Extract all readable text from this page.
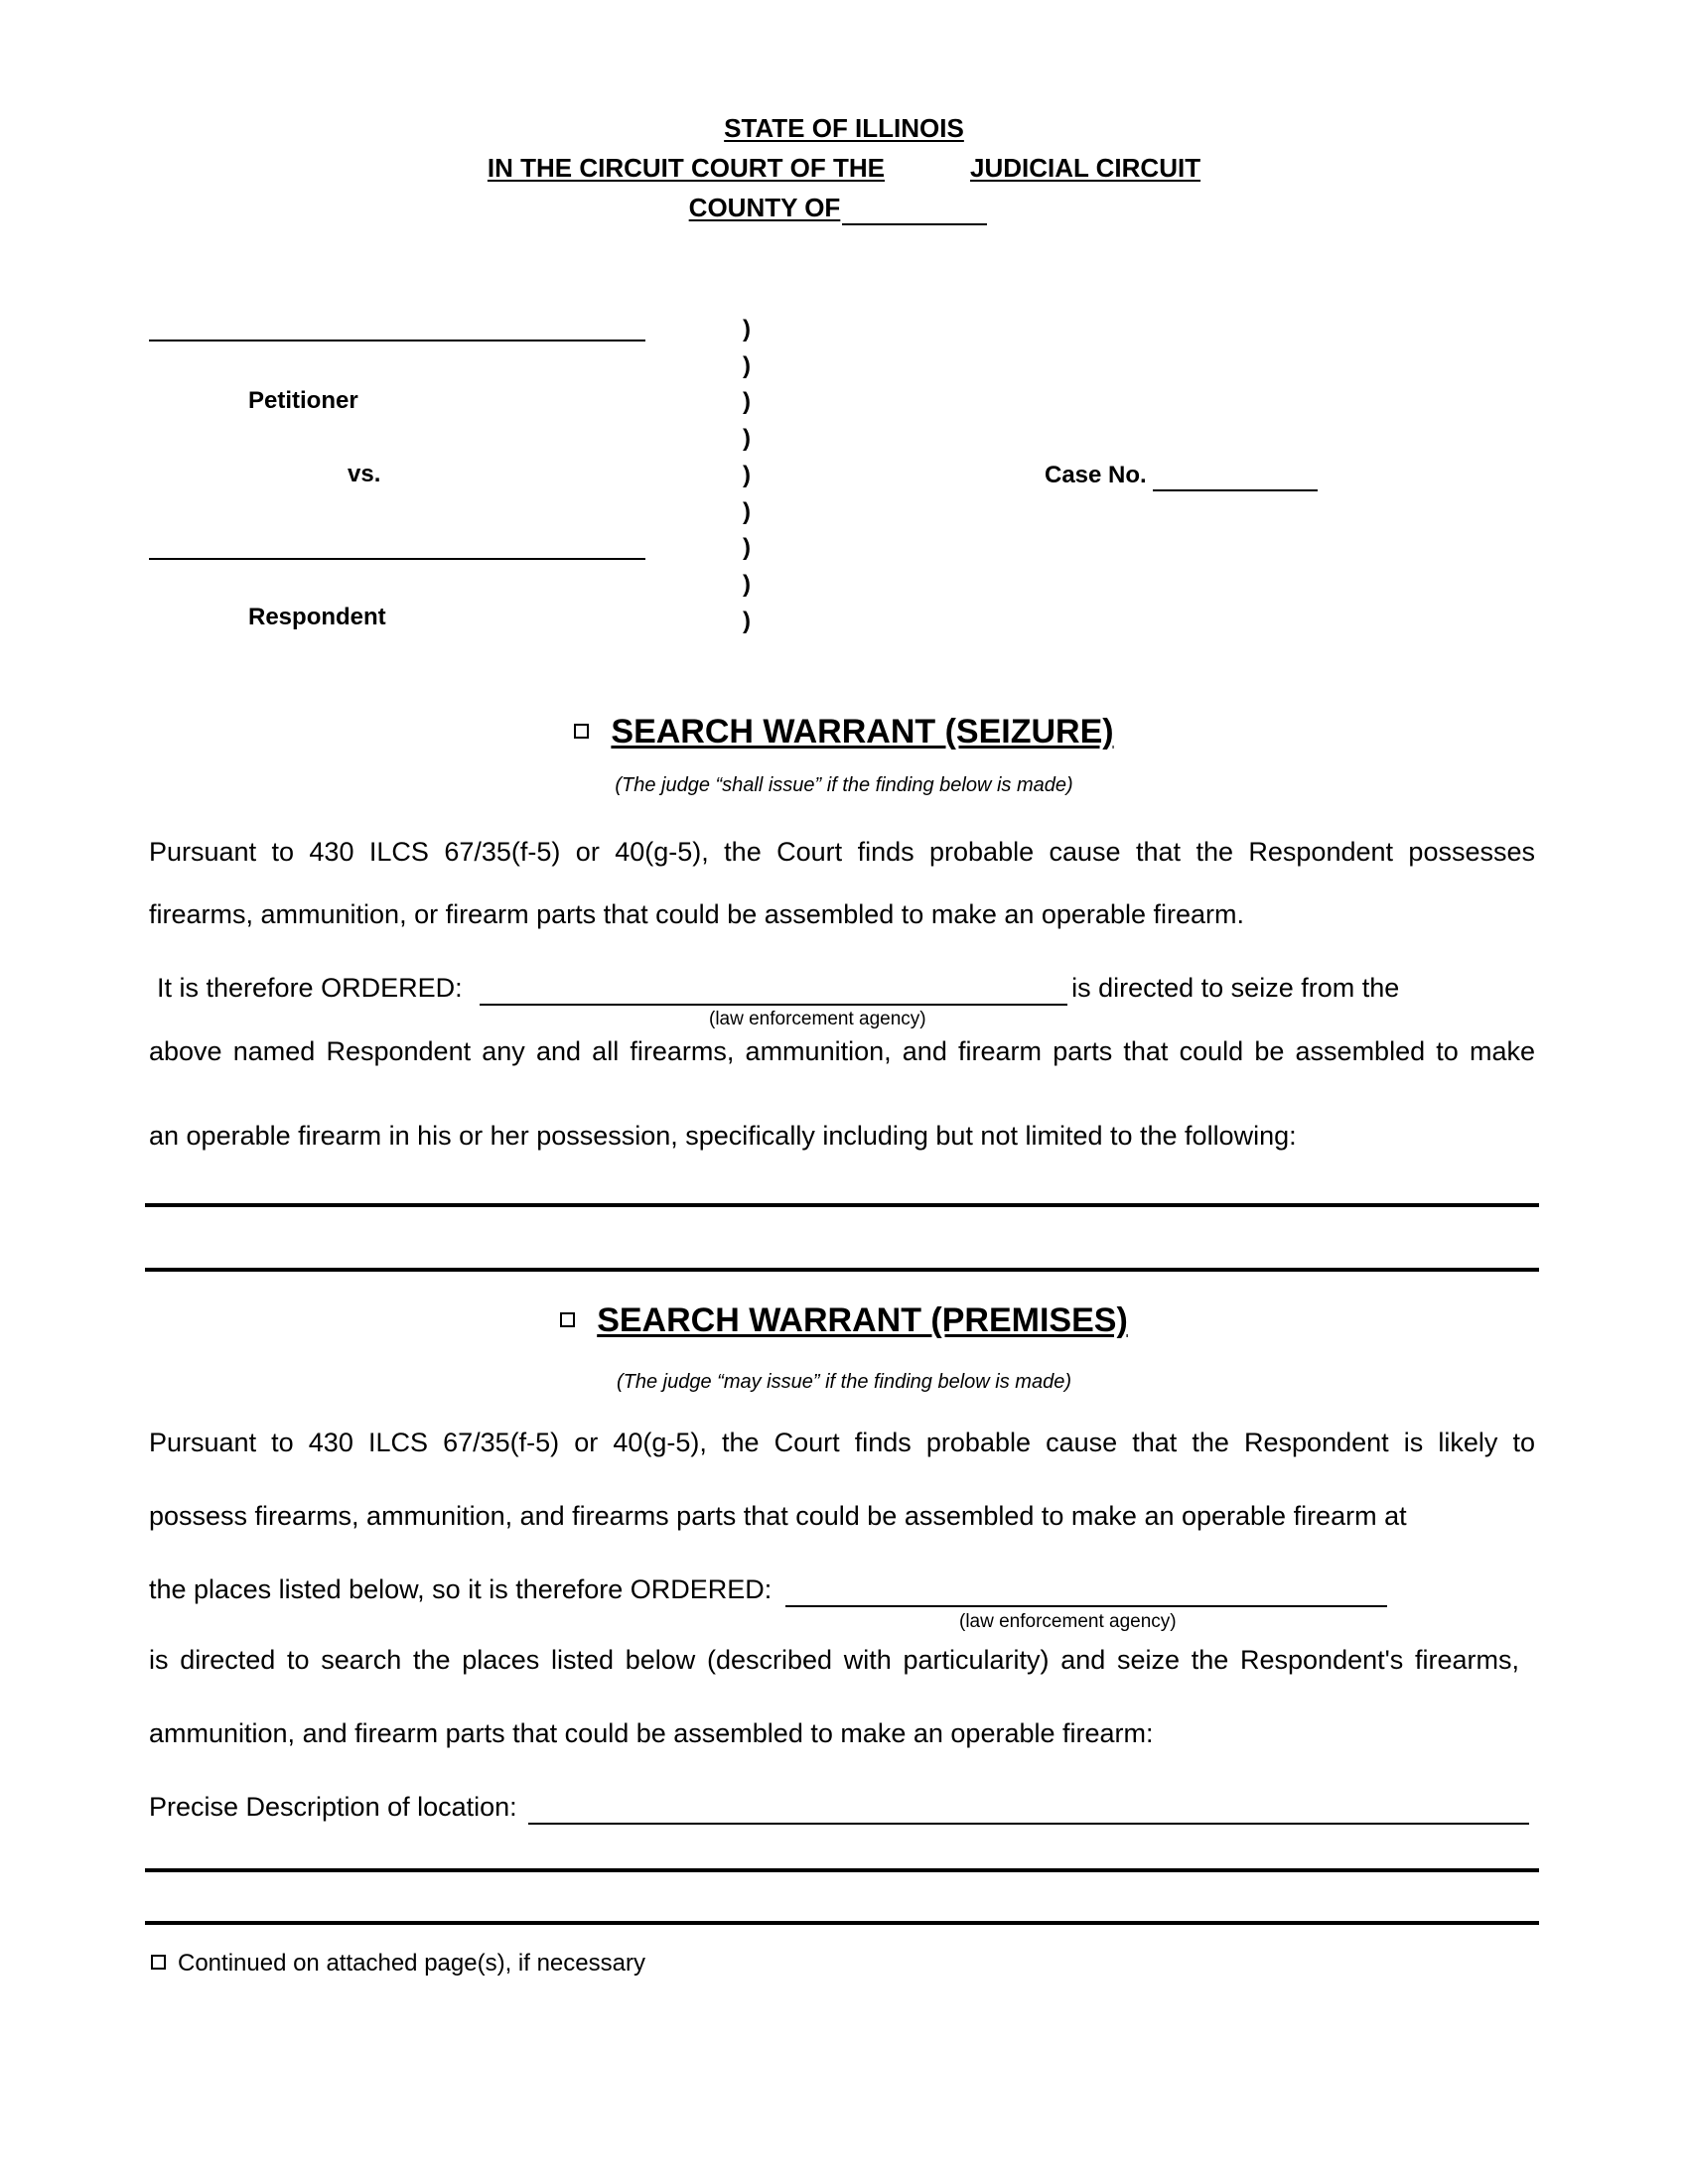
STATE OF ILLINOIS
IN THE CIRCUIT COURT OF THE	JUDICIAL CIRCUIT
COUNTY OF
Petitioner
vs.
Respondent
)
)
)
)
)
)
)
)
)
Case No.
SEARCH WARRANT (SEIZURE)
(The judge “shall issue” if the finding below is made)
Pursuant to 430 ILCS 67/35(f-5) or 40(g-5), the Court finds probable cause that the Respondent possesses
firearms, ammunition, or firearm parts that could be assembled to make an operable firearm.
It is therefore ORDERED:	is directed to seize from the
(law enforcement agency)
above named Respondent any and all firearms, ammunition, and firearm parts that could be assembled to make
an operable firearm in his or her possession, specifically including but not limited to the following:
SEARCH WARRANT (PREMISES)
(The judge “may issue” if the finding below is made)
Pursuant to 430 ILCS 67/35(f-5) or 40(g-5), the Court finds probable cause that the Respondent is likely to
possess firearms, ammunition, and firearms parts that could be assembled to make an operable firearm at
the places listed below, so it is therefore ORDERED:
(law enforcement agency)
is directed to search the places listed below (described with particularity) and seize the Respondent's firearms,
ammunition, and firearm parts that could be assembled to make an operable firearm:
Precise Description of location:
Continued on attached page(s), if necessary
